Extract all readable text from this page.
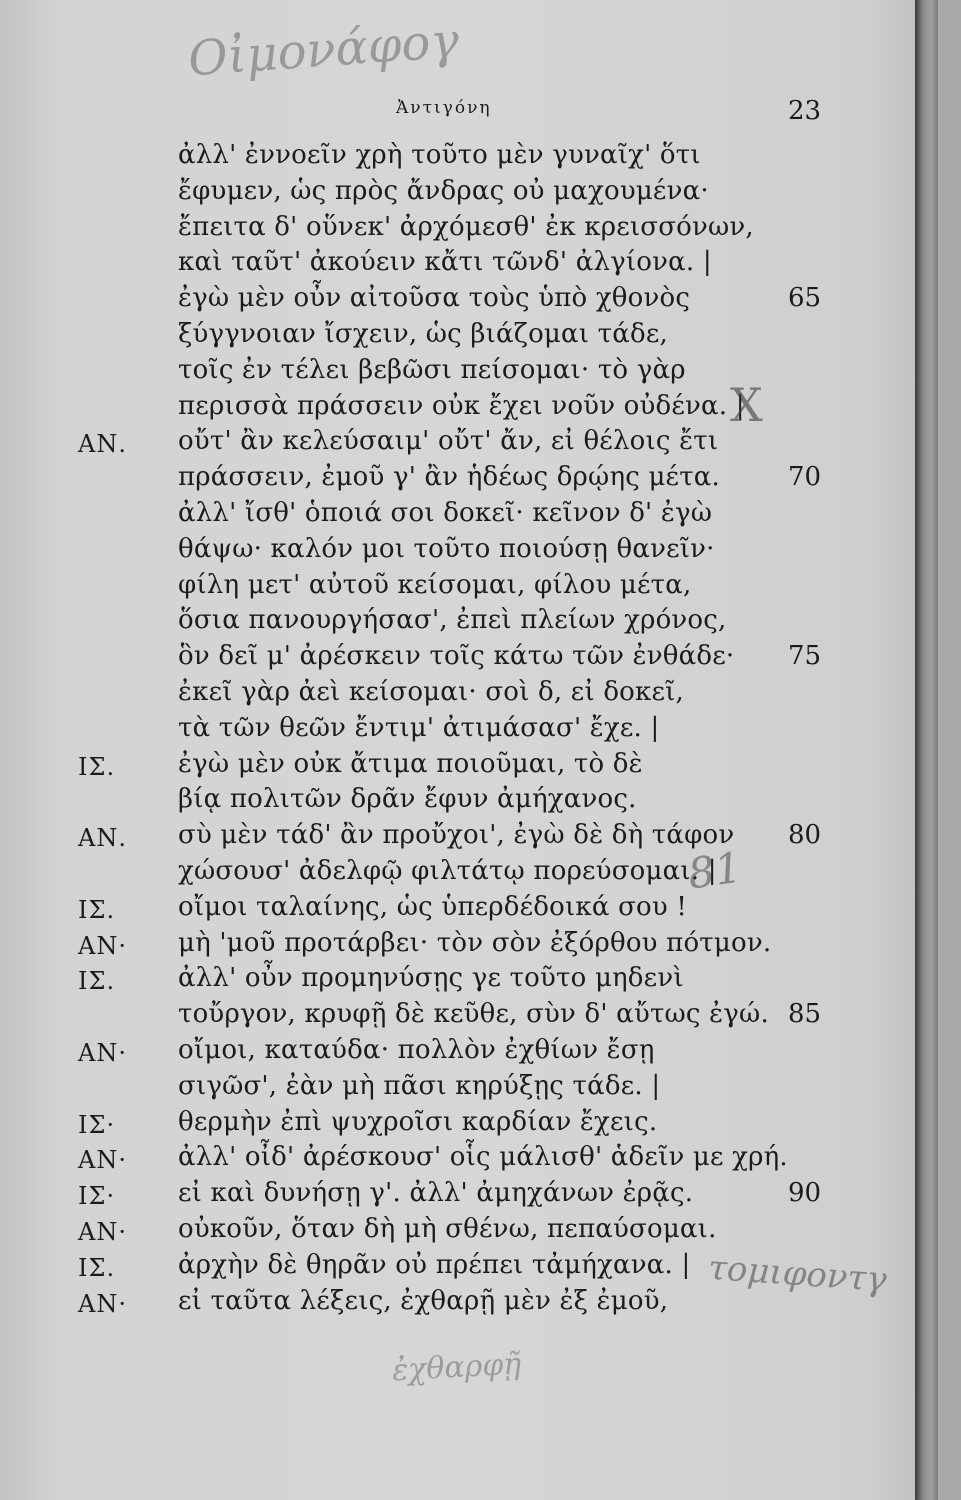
Οἰμονάφογ
Ἀντιγόνη	23
ἀλλ' ἐννοεῖν χρὴ τοῦτο μὲν γυναῖχ' ὅτι
ἔφυμεν, ὡς πρὸς ἄνδρας οὐ μαχουμένα·
ἔπειτα δ' οὕνεκ' ἀρχόμεσθ' ἐκ κρεισσόνων,
καὶ ταῦτ' ἀκούειν κἄτι τῶνδ' ἀλγίονα. |
ἐγὼ μὲν οὖν αἰτοῦσα τοὺς ὑπὸ χθονὸς	65
ξύγγνοιαν ἴσχειν, ὡς βιάζομαι τάδε,
τοῖς ἐν τέλει βεβῶσι πείσομαι· τὸ γὰρ
περισσὰ πράσσειν οὐκ ἔχει νοῦν οὐδένα. |
ΑΝ. οὔτ' ἂν κελεύσαιμ' οὔτ' ἄν, εἰ θέλοις ἔτι
πράσσειν, ἐμοῦ γ' ἂν ἡδέως δρῴης μέτα.	70
ἀλλ' ἴσθ' ὁποιά σοι δοκεῖ· κεῖνον δ' ἐγὼ
θάψω· καλόν μοι τοῦτο ποιούσῃ θανεῖν·
φίλη μετ' αὐτοῦ κείσομαι, φίλου μέτα,
ὅσια πανουργήσασ', ἐπεὶ πλείων χρόνος,
ὃν δεῖ μ' ἀρέσκειν τοῖς κάτω τῶν ἐνθάδε· 75
ἐκεῖ γὰρ ἀεὶ κείσομαι· σοὶ δ, εἰ δοκεῖ,
τὰ τῶν θεῶν ἔντιμ' ἀτιμάσασ' ἔχε. |
ΙΣ. ἐγὼ μὲν οὐκ ἄτιμα ποιοῦμαι, τὸ δὲ
βίᾳ πολιτῶν δρᾶν ἔφυν ἀμήχανος.
ΑΝ. σὺ μὲν τάδ' ἂν προὔχοι', ἐγὼ δὲ δὴ τάφον 80
χώσουσ' ἀδελφῷ φιλτάτῳ πορεύσομαι. |
ΙΣ. οἴμοι ταλαίνης, ὡς ὑπερδέδοικά σου !
ΑΝ· μὴ 'μοῦ προτάρβει· τὸν σὸν ἐξόρθου πότμον.
ΙΣ. ἀλλ' οὖν προμηνύσῃς γε τοῦτο μηδενὶ
τοὔργον, κρυφῇ δὲ κεῦθε, σὺν δ' αὔτως ἐγώ. 85
ΑΝ· οἴμοι, καταύδα· πολλὸν ἐχθίων ἔσῃ
σιγῶσ', ἐὰν μὴ πᾶσι κηρύξῃς τάδε. |
ΙΣ· θερμὴν ἐπὶ ψυχροῖσι καρδίαν ἔχεις.
ΑΝ· ἀλλ' οἶδ' ἀρέσκουσ' οἷς μάλισθ' ἁδεῖν με χρή.
ΙΣ· εἰ καὶ δυνήσῃ γ'. ἀλλ' ἀμηχάνων ἐρᾷς.	90
ΑΝ· οὐκοῦν, ὅταν δὴ μὴ σθένω, πεπαύσομαι.
ΙΣ. ἀρχὴν δὲ θηρᾶν οὐ πρέπει τἀμήχανα. |
ΑΝ· εἰ ταῦτα λέξεις, ἐχθαρῇ μὲν ἐξ ἐμοῦ,
X
81
τομιφοντγ
ἐχθαρφῇ
